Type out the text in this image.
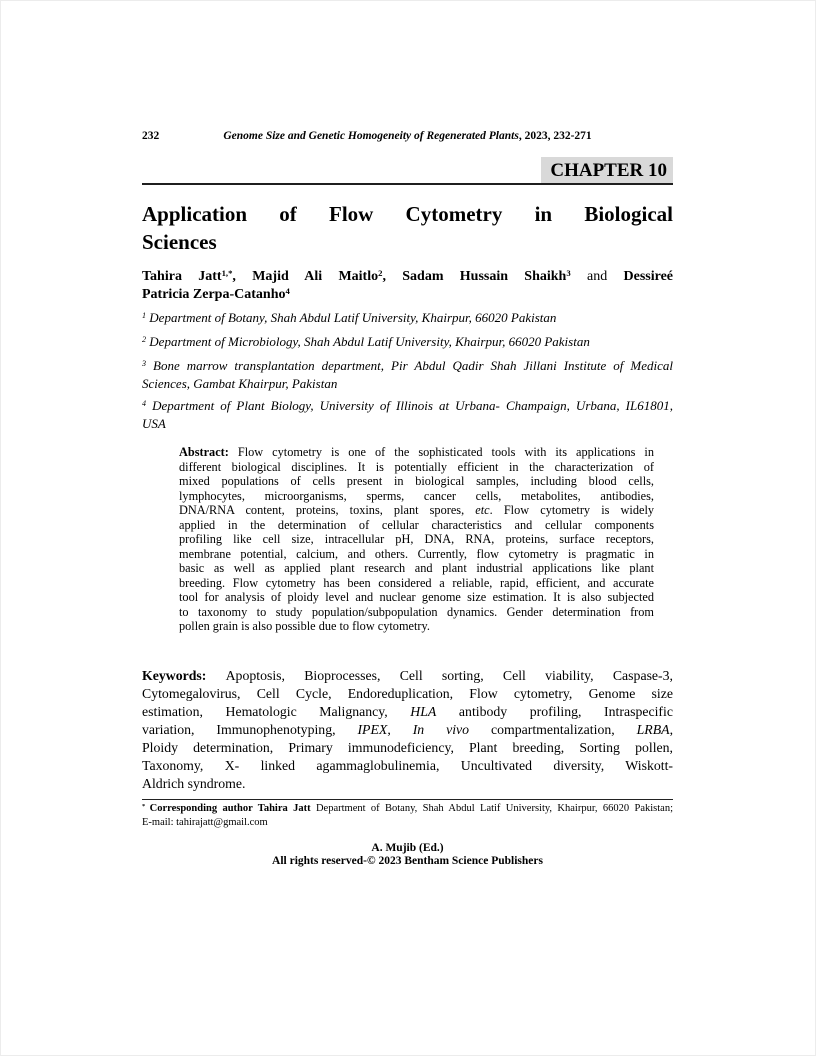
232	Genome Size and Genetic Homogeneity of Regenerated Plants, 2023, 232-271
CHAPTER 10
Application of Flow Cytometry in Biological
Sciences
Tahira Jatt$^{1,*}$, Majid Ali Maitlo$^2$, Sadam Hussain Shaikh$^3$ and Dessireé
Patricia Zerpa-Catanho$^4$
$^1$ Department of Botany, Shah Abdul Latif University, Khairpur, 66020 Pakistan
$^2$ Department of Microbiology, Shah Abdul Latif University, Khairpur, 66020 Pakistan
$^3$ Bone marrow transplantation department, Pir Abdul Qadir Shah Jillani Institute of Medical
Sciences, Gambat Khairpur, Pakistan
$^4$ Department of Plant Biology, University of Illinois at Urbana- Champaign, Urbana, IL61801,
USA
Abstract: Flow cytometry is one of the sophisticated tools with its applications in
different biological disciplines. It is potentially efficient in the characterization of
mixed populations of cells present in biological samples, including blood cells,
lymphocytes, microorganisms, sperms, cancer cells, metabolites, antibodies,
DNA/RNA content, proteins, toxins, plant spores, etc. Flow cytometry is widely
applied in the determination of cellular characteristics and cellular components
profiling like cell size, intracellular pH, DNA, RNA, proteins, surface receptors,
membrane potential, calcium, and others. Currently, flow cytometry is pragmatic in
basic as well as applied plant research and plant industrial applications like plant
breeding. Flow cytometry has been considered a reliable, rapid, efficient, and accurate
tool for analysis of ploidy level and nuclear genome size estimation. It is also subjected
to taxonomy to study population/subpopulation dynamics. Gender determination from
pollen grain is also possible due to flow cytometry.
Keywords: Apoptosis, Bioprocesses, Cell sorting, Cell viability, Caspase-3,
Cytomegalovirus, Cell Cycle, Endoreduplication, Flow cytometry, Genome size
estimation, Hematologic Malignancy, HLA antibody profiling, Intraspecific
variation, Immunophenotyping, IPEX, In vivo compartmentalization, LRBA,
Ploidy determination, Primary immunodeficiency, Plant breeding, Sorting pollen,
Taxonomy, X- linked agammaglobulinemia, Uncultivated diversity, Wiskott-
Aldrich syndrome.
* Corresponding author Tahira Jatt Department of Botany, Shah Abdul Latif University, Khairpur, 66020 Pakistan;
E-mail: tahirajatt@gmail.com
A. Mujib (Ed.)
All rights reserved-© 2023 Bentham Science Publishers
